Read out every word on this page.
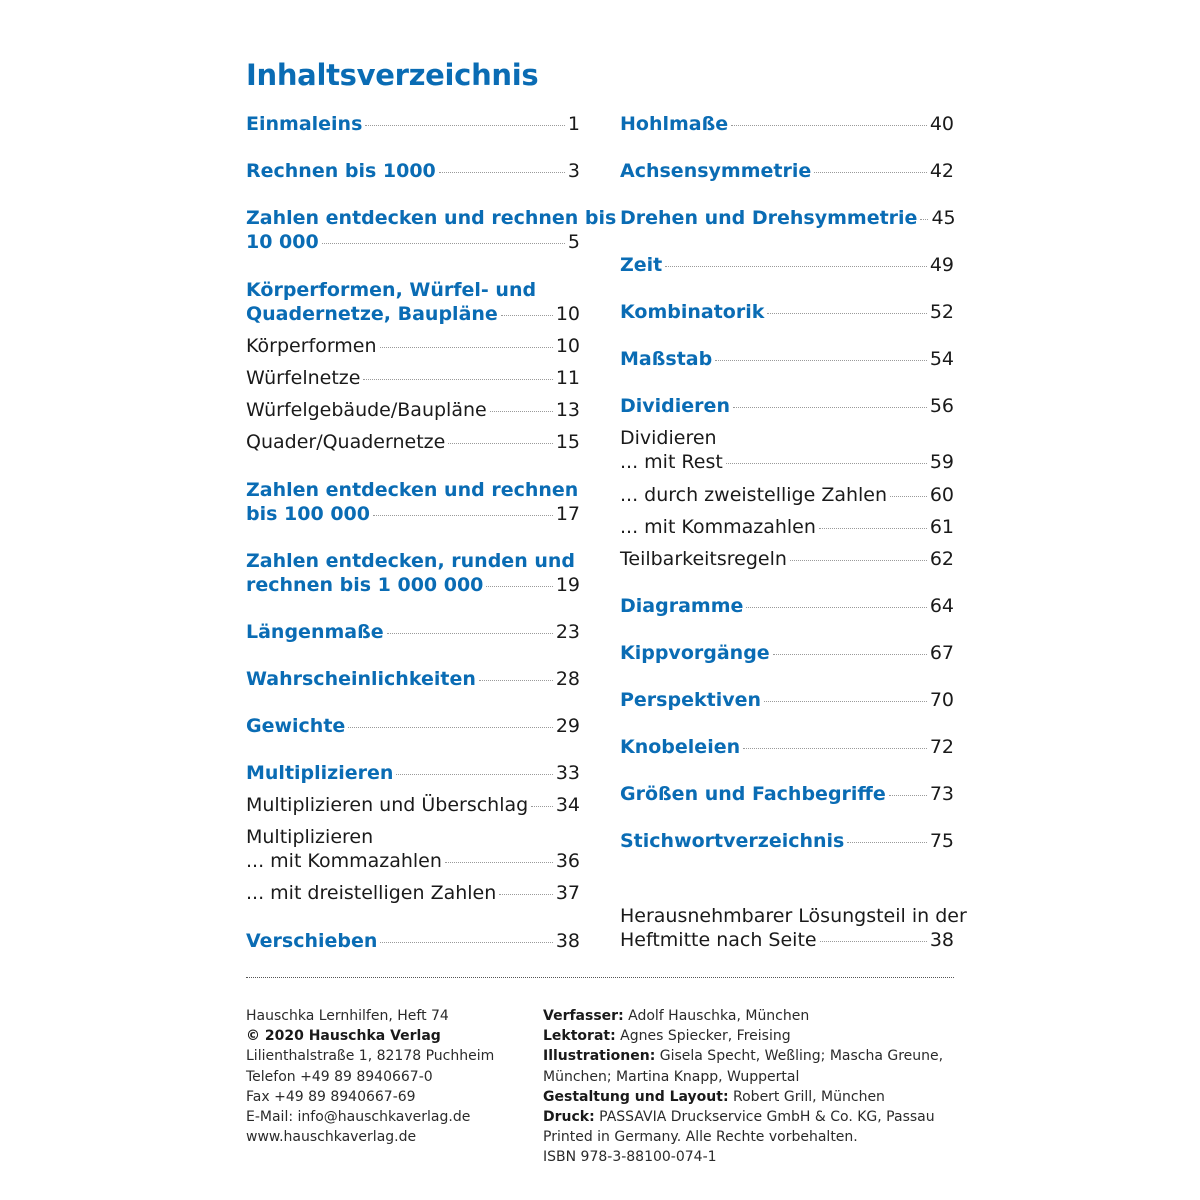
Inhaltsverzeichnis
Einmaleins	1
Rechnen bis 1000	3
Zahlen entdecken und rechnen bis
10 000	5
Körperformen, Würfel- und
Quadernetze, Baupläne	10
Körperformen	10
Würfelnetze	11
Würfelgebäude/Baupläne	13
Quader/Quadernetze	15
Zahlen entdecken und rechnen
bis 100 000	17
Zahlen entdecken, runden und
rechnen bis 1 000 000	19
Längenmaße	23
Wahrscheinlichkeiten	28
Gewichte	29
Multiplizieren	33
Multiplizieren und Überschlag 34
Multiplizieren
... mit Kommazahlen	36
... mit dreistelligen Zahlen	37
Verschieben	38
Hohlmaße	40
Achsensymmetrie	42
Drehen und Drehsymmetrie 45
Zeit	49
Kombinatorik	52
Maßstab	54
Dividieren	56
Dividieren
... mit Rest	59
... durch zweistellige Zahlen 60
... mit Kommazahlen	61
Teilbarkeitsregeln	62
Diagramme	64
Kippvorgänge	67
Perspektiven	70
Knobeleien	72
Größen und Fachbegriffe 73
Stichwortverzeichnis	75
Herausnehmbarer Lösungsteil in der
Heftmitte nach Seite	38
Hauschka Lernhilfen, Heft 74
© 2020 Hauschka Verlag
Lilienthalstraße 1, 82178 Puchheim
Telefon +49 89 8940667-0
Fax +49 89 8940667-69
E-Mail: info@hauschkaverlag.de
www.hauschkaverlag.de
Verfasser: Adolf Hauschka, München
Lektorat: Agnes Spiecker, Freising
Illustrationen: Gisela Specht, Weßling; Mascha Greune,
München; Martina Knapp, Wuppertal
Gestaltung und Layout: Robert Grill, München
Druck: PASSAVIA Druckservice GmbH & Co. KG, Passau
Printed in Germany. Alle Rechte vorbehalten.
ISBN 978-3-88100-074-1
